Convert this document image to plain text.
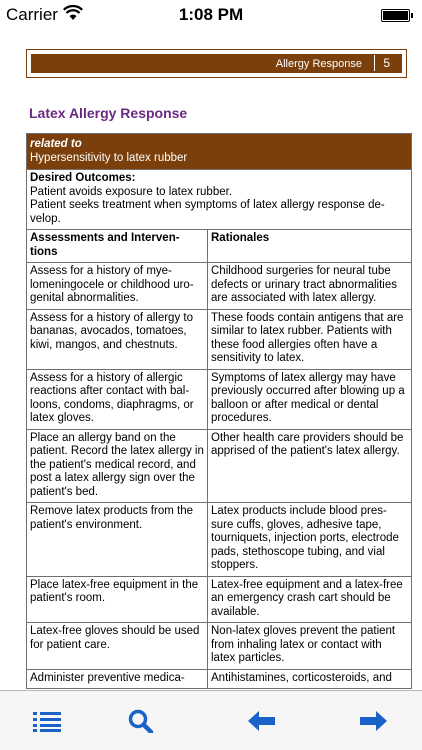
Carrier	1:08 PM
Allergy Response 5
Latex Allergy Response
related to
Hypersensitivity to latex rubber	

Desired Outcomes:
Patient avoids exposure to latex rubber.
Patient seeks treatment when symptoms of latex allergy response de-velop.	

Assessments and Interven-tions	Rationales
Assess for a history of mye-lomeningocele or childhood uro-genital abnormalities.	Childhood surgeries for neural tube defects or urinary tract abnormalities are associated with latex allergy.
Assess for a history of allergy to bananas, avocados, tomatoes, kiwi, mangos, and chestnuts.	These foods contain antigens that are similar to latex rubber. Patients with these food allergies often have a sensitivity to latex.
Assess for a history of allergic reactions after contact with bal-loons, condoms, diaphragms, or latex gloves.	Symptoms of latex allergy may have previously occurred after blowing up a balloon or after medical or dental procedures.
Place an allergy band on the patient. Record the latex allergy in the patient's medical record, and post a latex allergy sign over the patient's bed.	Other health care providers should be apprised of the patient's latex allergy.
Remove latex products from the patient's environment.	Latex products include blood pres-sure cuffs, gloves, adhesive tape, tourniquets, injection ports, electrode pads, stethoscope tubing, and vial stoppers.
Place latex-free equipment in the patient's room.	Latex-free equipment and a latex-free an emergency crash cart should be available.
Latex-free gloves should be used for patient care.	Non-latex gloves prevent the patient from inhaling latex or contact with latex particles.
Administer preventive medica-	Antihistamines, corticosteroids, and
